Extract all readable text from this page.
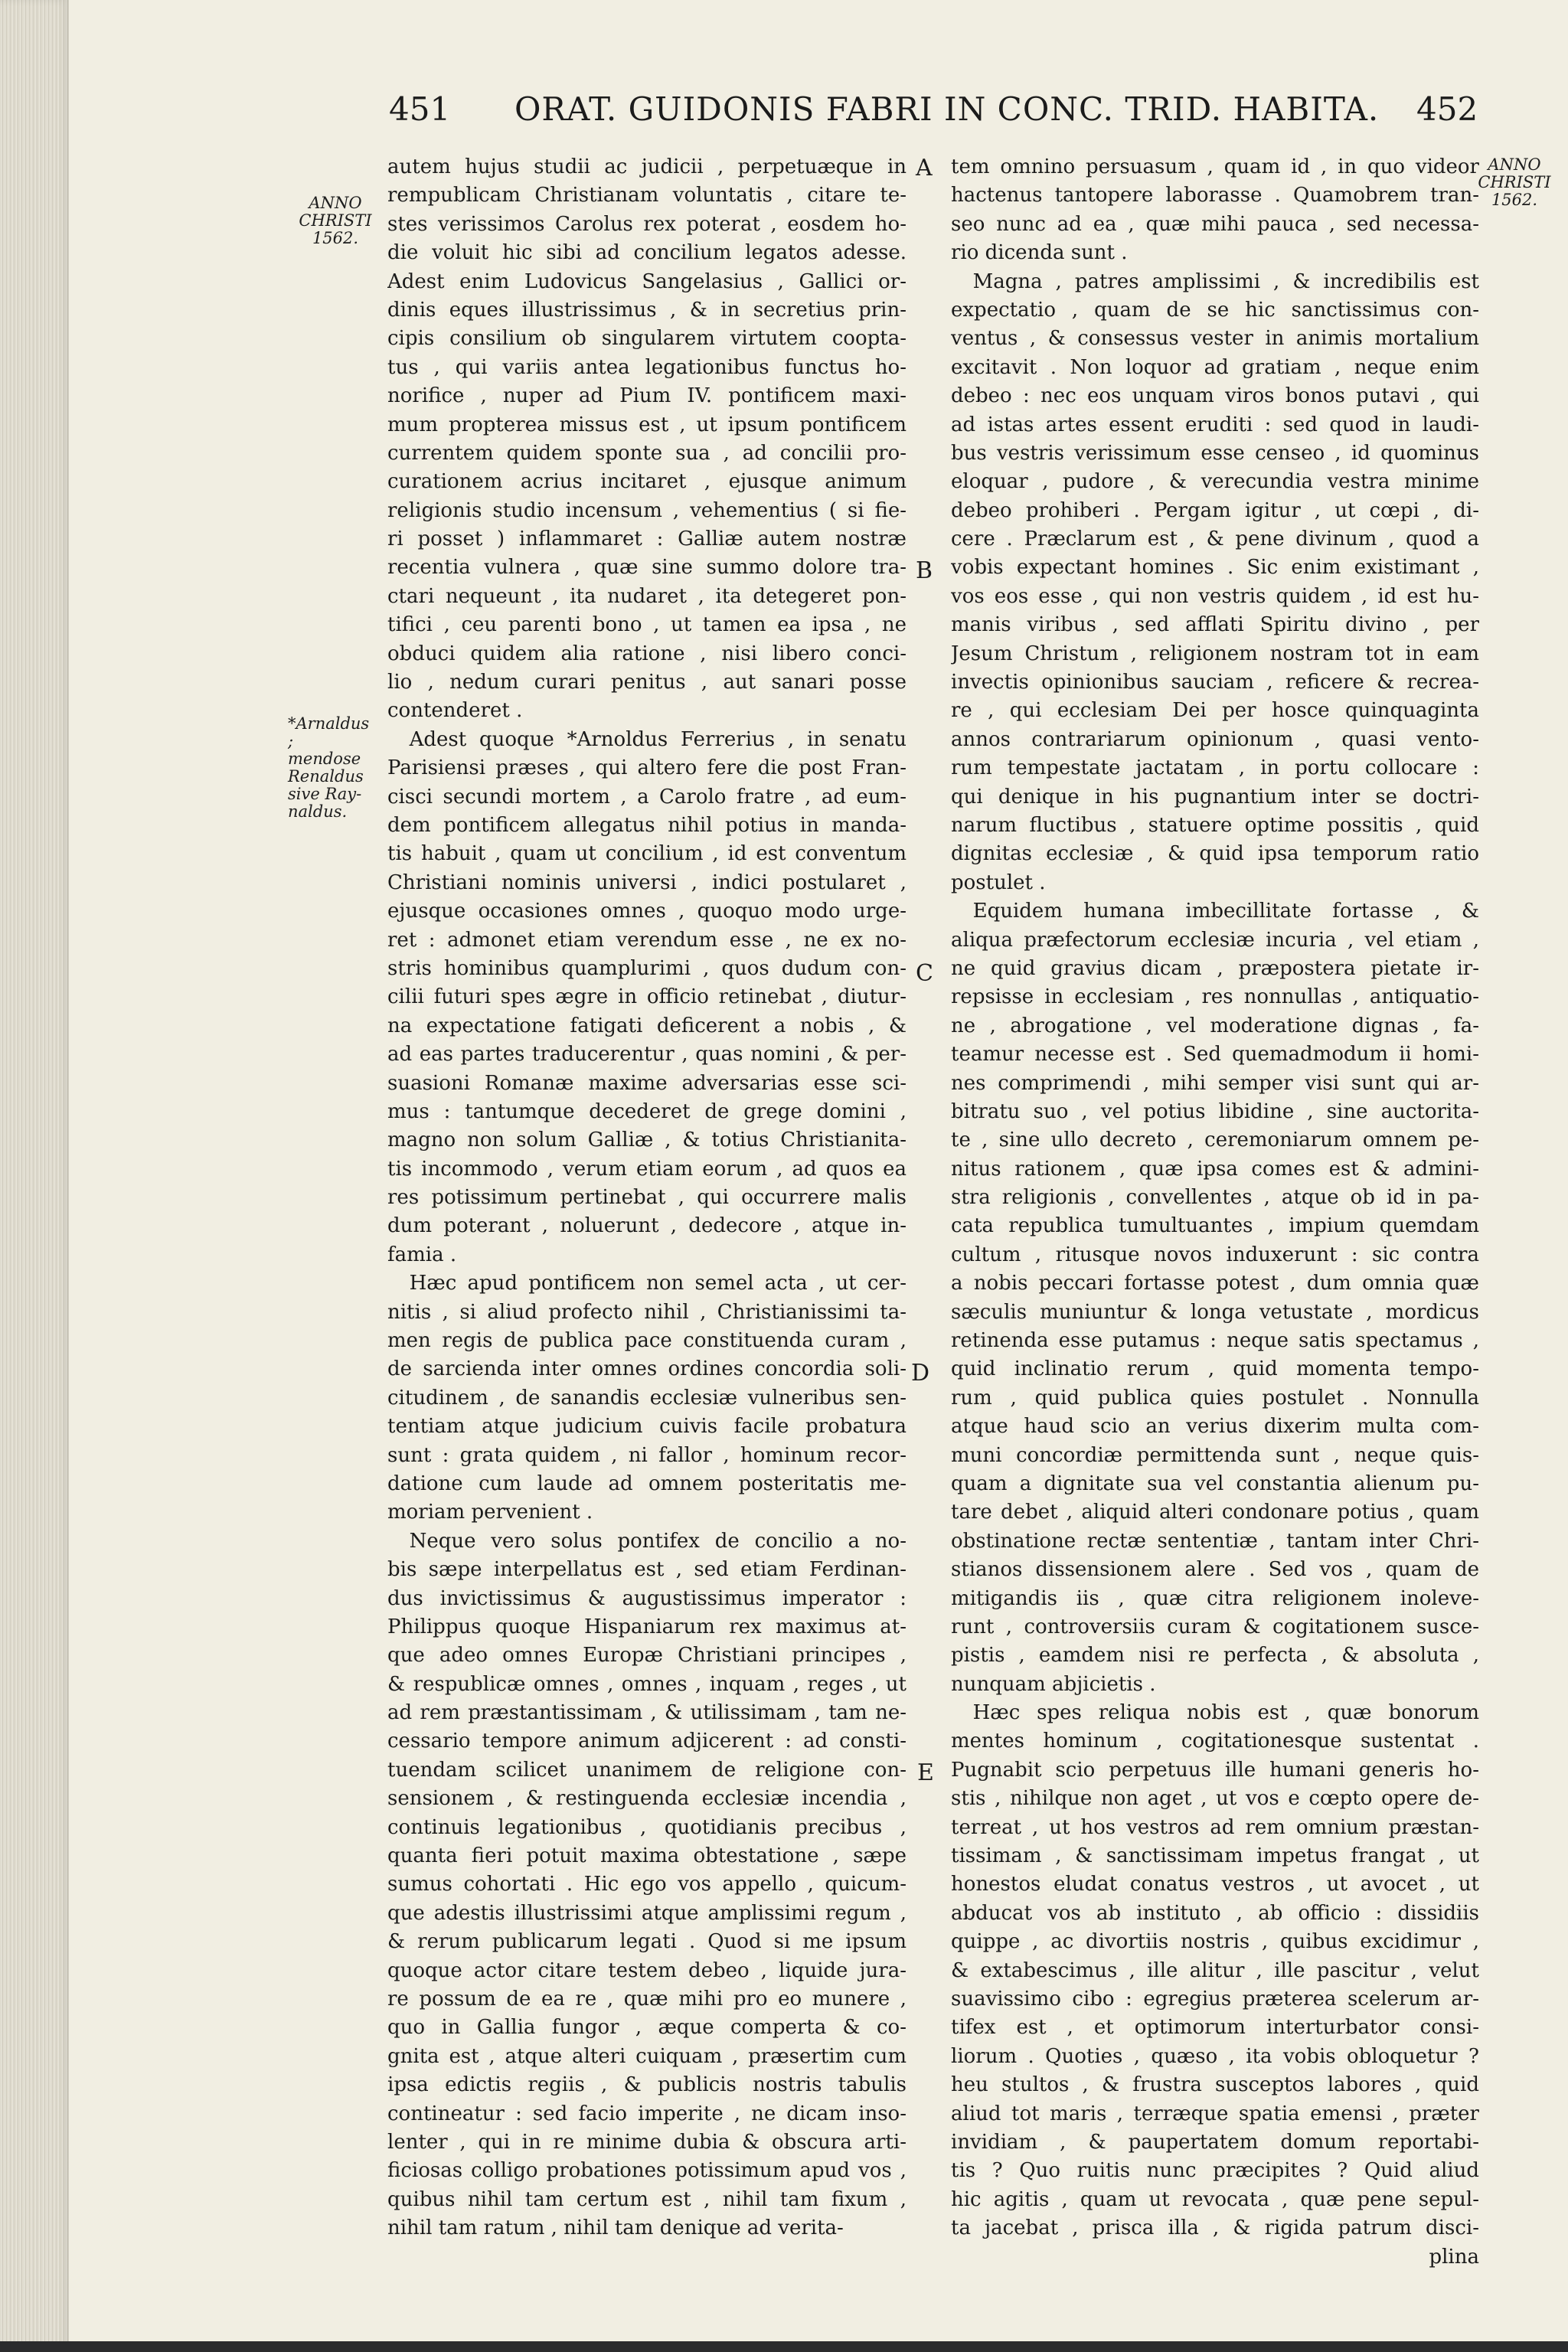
451 ORAT. GUIDONIS FABRI IN CONC. TRID. HABITA. 452
ANNO
CHRISTI
1562.
ANNO
CHRISTI
1562.
*Arnaldus ;
mendose
Renaldus
sive Ray-
naldus.
A
B
C
D
E
autem hujus studii ac judicii , perpetuæque in
rempublicam Christianam voluntatis , citare te-
stes verissimos Carolus rex poterat , eosdem ho-
die voluit hic sibi ad concilium legatos adesse.
Adest enim Ludovicus Sangelasius , Gallici or-
dinis eques illustrissimus , & in secretius prin-
cipis consilium ob singularem virtutem coopta-
tus , qui variis antea legationibus functus ho-
norifice , nuper ad Pium IV. pontificem maxi-
mum propterea missus est , ut ipsum pontificem
currentem quidem sponte sua , ad concilii pro-
curationem acrius incitaret , ejusque animum
religionis studio incensum , vehementius ( si fie-
ri posset ) inflammaret : Galliæ autem nostræ
recentia vulnera , quæ sine summo dolore tra-
ctari nequeunt , ita nudaret , ita detegeret pon-
tifici , ceu parenti bono , ut tamen ea ipsa , ne
obduci quidem alia ratione , nisi libero conci-
lio , nedum curari penitus , aut sanari posse
contenderet .
Adest quoque *Arnoldus Ferrerius , in senatu
Parisiensi præses , qui altero fere die post Fran-
cisci secundi mortem , a Carolo fratre , ad eum-
dem pontificem allegatus nihil potius in manda-
tis habuit , quam ut concilium , id est conventum
Christiani nominis universi , indici postularet ,
ejusque occasiones omnes , quoquo modo urge-
ret : admonet etiam verendum esse , ne ex no-
stris hominibus quamplurimi , quos dudum con-
cilii futuri spes ægre in officio retinebat , diutur-
na expectatione fatigati deficerent a nobis , &
ad eas partes traducerentur , quas nomini , & per-
suasioni Romanæ maxime adversarias esse sci-
mus : tantumque decederet de grege domini ,
magno non solum Galliæ , & totius Christianita-
tis incommodo , verum etiam eorum , ad quos ea
res potissimum pertinebat , qui occurrere malis
dum poterant , noluerunt , dedecore , atque in-
famia .
Hæc apud pontificem non semel acta , ut cer-
nitis , si aliud profecto nihil , Christianissimi ta-
men regis de publica pace constituenda curam ,
de sarcienda inter omnes ordines concordia soli-
citudinem , de sanandis ecclesiæ vulneribus sen-
tentiam atque judicium cuivis facile probatura
sunt : grata quidem , ni fallor , hominum recor-
datione cum laude ad omnem posteritatis me-
moriam pervenient .
Neque vero solus pontifex de concilio a no-
bis sæpe interpellatus est , sed etiam Ferdinan-
dus invictissimus & augustissimus imperator :
Philippus quoque Hispaniarum rex maximus at-
que adeo omnes Europæ Christiani principes ,
& respublicæ omnes , omnes , inquam , reges , ut
ad rem præstantissimam , & utilissimam , tam ne-
cessario tempore animum adjicerent : ad consti-
tuendam scilicet unanimem de religione con-
sensionem , & restinguenda ecclesiæ incendia ,
continuis legationibus , quotidianis precibus ,
quanta fieri potuit maxima obtestatione , sæpe
sumus cohortati . Hic ego vos appello , quicum-
que adestis illustrissimi atque amplissimi regum ,
& rerum publicarum legati . Quod si me ipsum
quoque actor citare testem debeo , liquide jura-
re possum de ea re , quæ mihi pro eo munere ,
quo in Gallia fungor , æque comperta & co-
gnita est , atque alteri cuiquam , præsertim cum
ipsa edictis regiis , & publicis nostris tabulis
contineatur : sed facio imperite , ne dicam inso-
lenter , qui in re minime dubia & obscura arti-
ficiosas colligo probationes potissimum apud vos ,
quibus nihil tam certum est , nihil tam fixum ,
nihil tam ratum , nihil tam denique ad verita-
tem omnino persuasum , quam id , in quo videor
hactenus tantopere laborasse . Quamobrem tran-
seo nunc ad ea , quæ mihi pauca , sed necessa-
rio dicenda sunt .
Magna , patres amplissimi , & incredibilis est
expectatio , quam de se hic sanctissimus con-
ventus , & consessus vester in animis mortalium
excitavit . Non loquor ad gratiam , neque enim
debeo : nec eos unquam viros bonos putavi , qui
ad istas artes essent eruditi : sed quod in laudi-
bus vestris verissimum esse censeo , id quominus
eloquar , pudore , & verecundia vestra minime
debeo prohiberi . Pergam igitur , ut cœpi , di-
cere . Præclarum est , & pene divinum , quod a
vobis expectant homines . Sic enim existimant ,
vos eos esse , qui non vestris quidem , id est hu-
manis viribus , sed afflati Spiritu divino , per
Jesum Christum , religionem nostram tot in eam
invectis opinionibus sauciam , reficere & recrea-
re , qui ecclesiam Dei per hosce quinquaginta
annos contrariarum opinionum , quasi vento-
rum tempestate jactatam , in portu collocare :
qui denique in his pugnantium inter se doctri-
narum fluctibus , statuere optime possitis , quid
dignitas ecclesiæ , & quid ipsa temporum ratio
postulet .
Equidem humana imbecillitate fortasse , &
aliqua præfectorum ecclesiæ incuria , vel etiam ,
ne quid gravius dicam , præpostera pietate ir-
repsisse in ecclesiam , res nonnullas , antiquatio-
ne , abrogatione , vel moderatione dignas , fa-
teamur necesse est . Sed quemadmodum ii homi-
nes comprimendi , mihi semper visi sunt qui ar-
bitratu suo , vel potius libidine , sine auctorita-
te , sine ullo decreto , ceremoniarum omnem pe-
nitus rationem , quæ ipsa comes est & admini-
stra religionis , convellentes , atque ob id in pa-
cata republica tumultuantes , impium quemdam
cultum , ritusque novos induxerunt : sic contra
a nobis peccari fortasse potest , dum omnia quæ
sæculis muniuntur & longa vetustate , mordicus
retinenda esse putamus : neque satis spectamus ,
quid inclinatio rerum , quid momenta tempo-
rum , quid publica quies postulet . Nonnulla
atque haud scio an verius dixerim multa com-
muni concordiæ permittenda sunt , neque quis-
quam a dignitate sua vel constantia alienum pu-
tare debet , aliquid alteri condonare potius , quam
obstinatione rectæ sententiæ , tantam inter Chri-
stianos dissensionem alere . Sed vos , quam de
mitigandis iis , quæ citra religionem inoleve-
runt , controversiis curam & cogitationem susce-
pistis , eamdem nisi re perfecta , & absoluta ,
nunquam abjicietis .
Hæc spes reliqua nobis est , quæ bonorum
mentes hominum , cogitationesque sustentat .
Pugnabit scio perpetuus ille humani generis ho-
stis , nihilque non aget , ut vos e cœpto opere de-
terreat , ut hos vestros ad rem omnium præstan-
tissimam , & sanctissimam impetus frangat , ut
honestos eludat conatus vestros , ut avocet , ut
abducat vos ab instituto , ab officio : dissidiis
quippe , ac divortiis nostris , quibus excidimur ,
& extabescimus , ille alitur , ille pascitur , velut
suavissimo cibo : egregius præterea scelerum ar-
tifex est , et optimorum interturbator consi-
liorum . Quoties , quæso , ita vobis obloquetur ?
heu stultos , & frustra susceptos labores , quid
aliud tot maris , terræque spatia emensi , præter
invidiam , & paupertatem domum reportabi-
tis ? Quo ruitis nunc præcipites ? Quid aliud
hic agitis , quam ut revocata , quæ pene sepul-
ta jacebat , prisca illa , & rigida patrum disci-
plina
